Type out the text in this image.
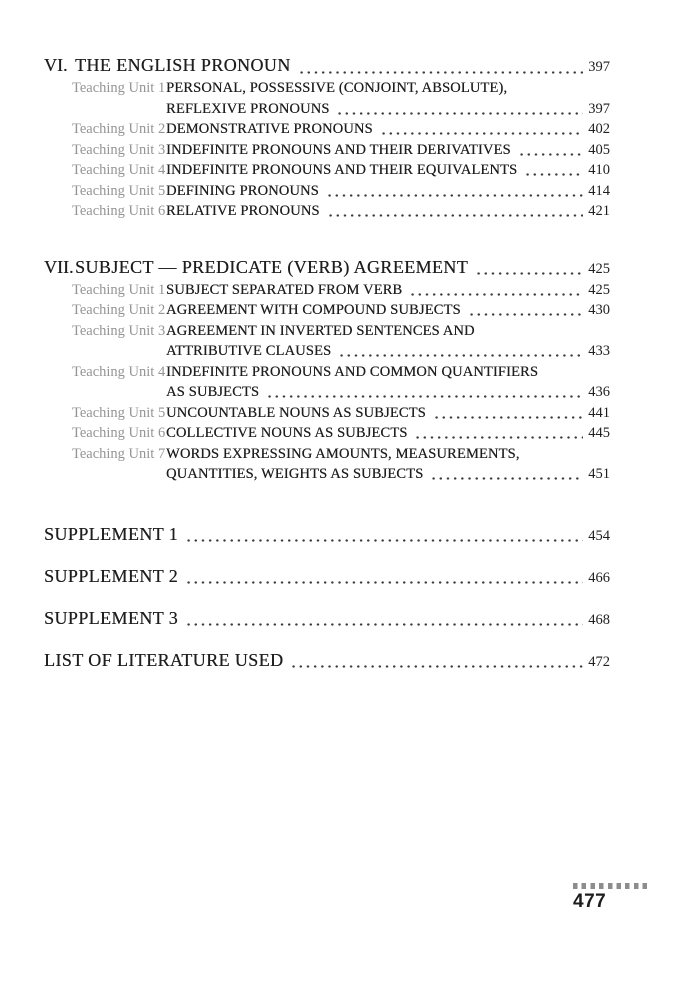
VI. THE ENGLISH PRONOUN	397
Teaching Unit 1 PERSONAL, POSSESSIVE (CONJOINT, ABSOLUTE),
REFLEXIVE PRONOUNS	397
Teaching Unit 2 DEMONSTRATIVE PRONOUNS	402
Teaching Unit 3 INDEFINITE PRONOUNS AND THEIR DERIVATIVES	405
Teaching Unit 4 INDEFINITE PRONOUNS AND THEIR EQUIVALENTS	410
Teaching Unit 5 DEFINING PRONOUNS	414
Teaching Unit 6 RELATIVE PRONOUNS	421
VII. SUBJECT — PREDICATE (VERB) AGREEMENT	425
Teaching Unit 1 SUBJECT SEPARATED FROM VERB	425
Teaching Unit 2 AGREEMENT WITH COMPOUND SUBJECTS	430
Teaching Unit 3 AGREEMENT IN INVERTED SENTENCES AND
ATTRIBUTIVE CLAUSES	433
Teaching Unit 4 INDEFINITE PRONOUNS AND COMMON QUANTIFIERS
AS SUBJECTS	436
Teaching Unit 5 UNCOUNTABLE NOUNS AS SUBJECTS	441
Teaching Unit 6 COLLECTIVE NOUNS AS SUBJECTS	445
Teaching Unit 7 WORDS EXPRESSING AMOUNTS, MEASUREMENTS,
QUANTITIES, WEIGHTS AS SUBJECTS	451
SUPPLEMENT 1	454
SUPPLEMENT 2	466
SUPPLEMENT 3	468
LIST OF LITERATURE USED	472
477
